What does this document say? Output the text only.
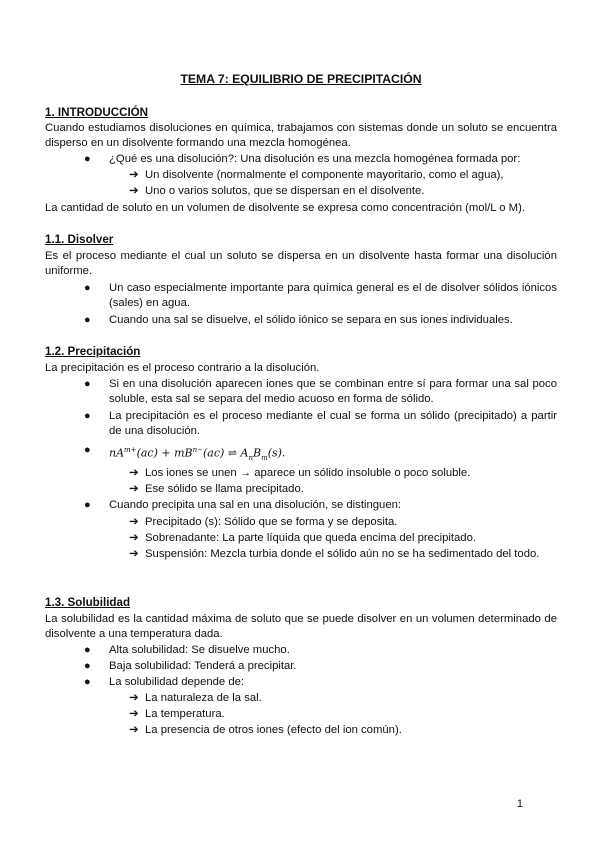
TEMA 7: EQUILIBRIO DE PRECIPITACIÓN
1. INTRODUCCIÓN
Cuando estudiamos disoluciones en química, trabajamos con sistemas donde un soluto se encuentra disperso en un disolvente formando una mezcla homogénea.
● ¿Qué es una disolución?: Una disolución es una mezcla homogénea formada por:
➔ Un disolvente (normalmente el componente mayoritario, como el agua),
➔ Uno o varios solutos, que se dispersan en el disolvente.
La cantidad de soluto en un volumen de disolvente se expresa como concentración (mol/L o M).
1.1. Disolver
Es el proceso mediante el cual un soluto se dispersa en un disolvente hasta formar una disolución uniforme.
● Un caso especialmente importante para química general es el de disolver sólidos iónicos (sales) en agua.
● Cuando una sal se disuelve, el sólido iónico se separa en sus iones individuales.
1.2. Precipitación
La precipitación es el proceso contrario a la disolución.
● Si en una disolución aparecen iones que se combinan entre sí para formar una sal poco soluble, esta sal se separa del medio acuoso en forma de sólido.
● La precipitación es el proceso mediante el cual se forma un sólido (precipitado) a partir de una disolución.
● $nA^{m+}(ac) + mB^{n-}(ac)$ ⇌ $A_nB_m(s)$.
➔ Los iones se unen → aparece un sólido insoluble o poco soluble.
➔ Ese sólido se llama precipitado.
● Cuando precipita una sal en una disolución, se distinguen:
➔ Precipitado (s): Sólido que se forma y se deposita.
➔ Sobrenadante: La parte líquida que queda encima del precipitado.
➔ Suspensión: Mezcla turbia donde el sólido aún no se ha sedimentado del todo.
1.3. Solubilidad
La solubilidad es la cantidad máxima de soluto que se puede disolver en un volumen determinado de disolvente a una temperatura dada.
● Alta solubilidad: Se disuelve mucho.
● Baja solubilidad: Tenderá a precipitar.
● La solubilidad depende de:
➔ La naturaleza de la sal.
➔ La temperatura.
➔ La presencia de otros iones (efecto del ion común).
1
